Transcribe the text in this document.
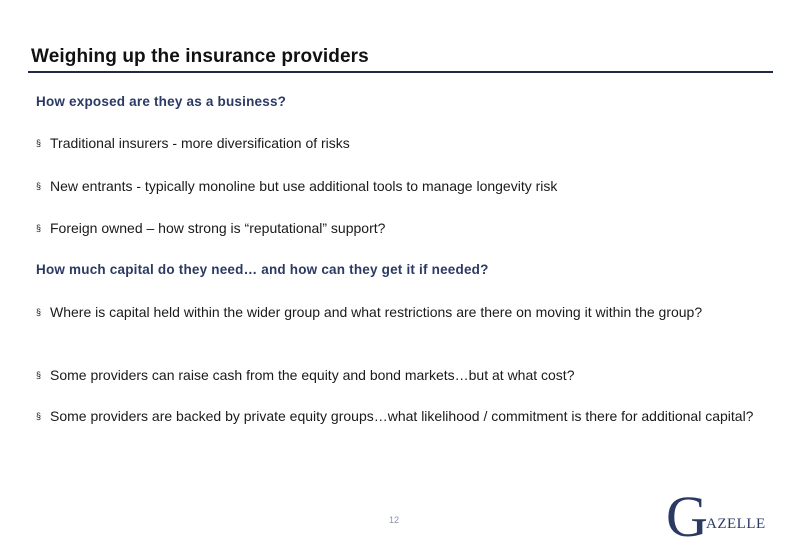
Weighing up the insurance providers
How exposed are they as a business?
§ Traditional insurers - more diversification of risks
§ New entrants - typically monoline but use additional tools to manage longevity risk
§ Foreign owned – how strong is “reputational” support?
How much capital do they need… and how can they get it if needed?
§ Where is capital held within the wider group and what restrictions are there on moving it within the group?
§ Some providers can raise cash from the equity and bond markets…but at what cost?
§ Some providers are backed by private equity groups…what likelihood / commitment is there for additional capital?
12	G
AZELLE
